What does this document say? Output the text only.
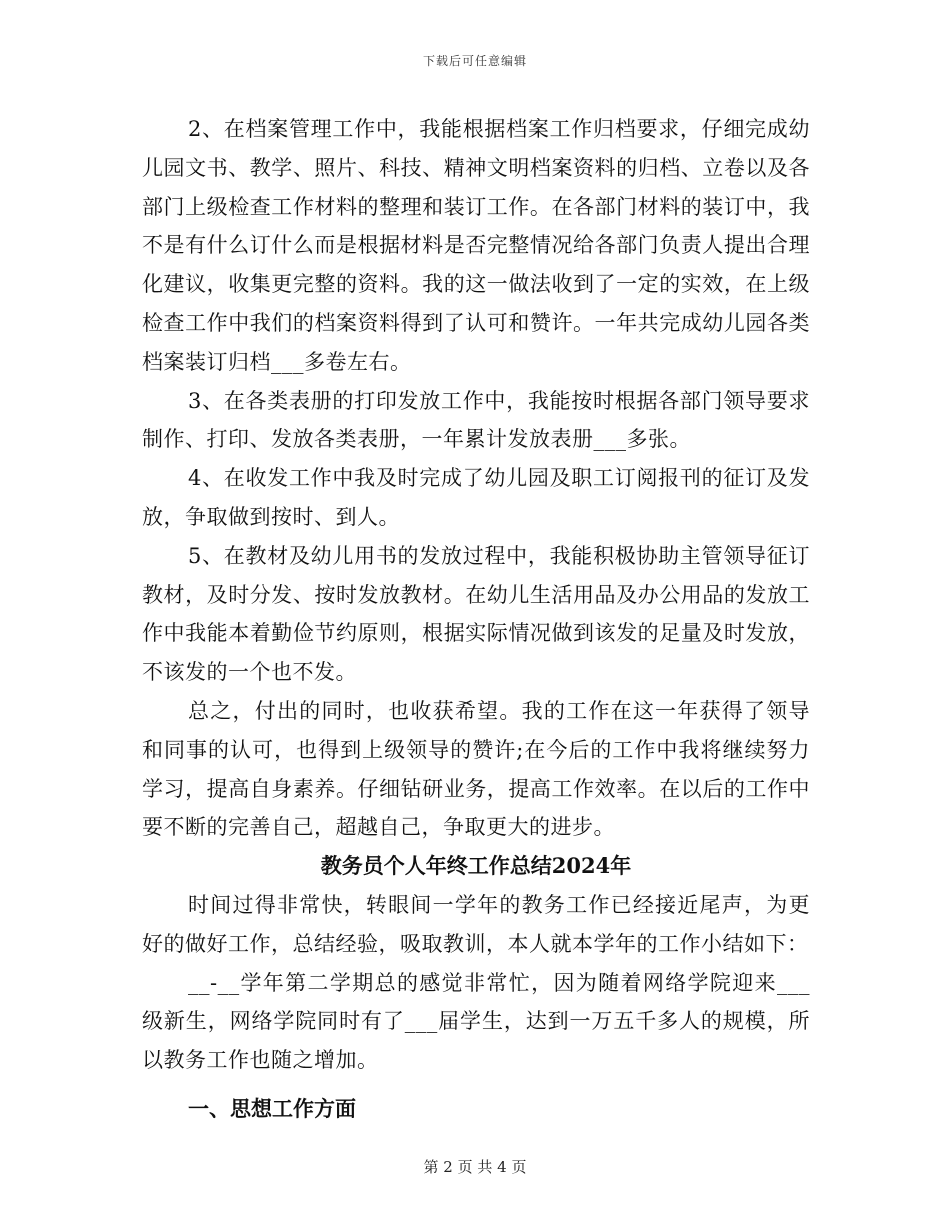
下载后可任意编辑

2、在档案管理工作中，我能根据档案工作归档要求，仔细完成幼儿园文书、教学、照片、科技、精神文明档案资料的归档、立卷以及各部门上级检查工作材料的整理和装订工作。在各部门材料的装订中，我不是有什么订什么而是根据材料是否完整情况给各部门负责人提出合理化建议，收集更完整的资料。我的这一做法收到了一定的实效，在上级检查工作中我们的档案资料得到了认可和赞许。一年共完成幼儿园各类档案装订归档___多卷左右。

3、在各类表册的打印发放工作中，我能按时根据各部门领导要求制作、打印、发放各类表册，一年累计发放表册___多张。

4、在收发工作中我及时完成了幼儿园及职工订阅报刊的征订及发放，争取做到按时、到人。

5、在教材及幼儿用书的发放过程中，我能积极协助主管领导征订教材，及时分发、按时发放教材。在幼儿生活用品及办公用品的发放工作中我能本着勤俭节约原则，根据实际情况做到该发的足量及时发放，不该发的一个也不发。

总之，付出的同时，也收获希望。我的工作在这一年获得了领导和同事的认可，也得到上级领导的赞许;在今后的工作中我将继续努力学习，提高自身素养。仔细钻研业务，提高工作效率。在以后的工作中要不断的完善自己，超越自己，争取更大的进步。

教务员个人年终工作总结2024年

时间过得非常快，转眼间一学年的教务工作已经接近尾声，为更好的做好工作，总结经验，吸取教训，本人就本学年的工作小结如下：

__-__学年第二学期总的感觉非常忙，因为随着网络学院迎来___级新生，网络学院同时有了___届学生，达到一万五千多人的规模，所以教务工作也随之增加。

一、思想工作方面

第 2 页 共 4 页
